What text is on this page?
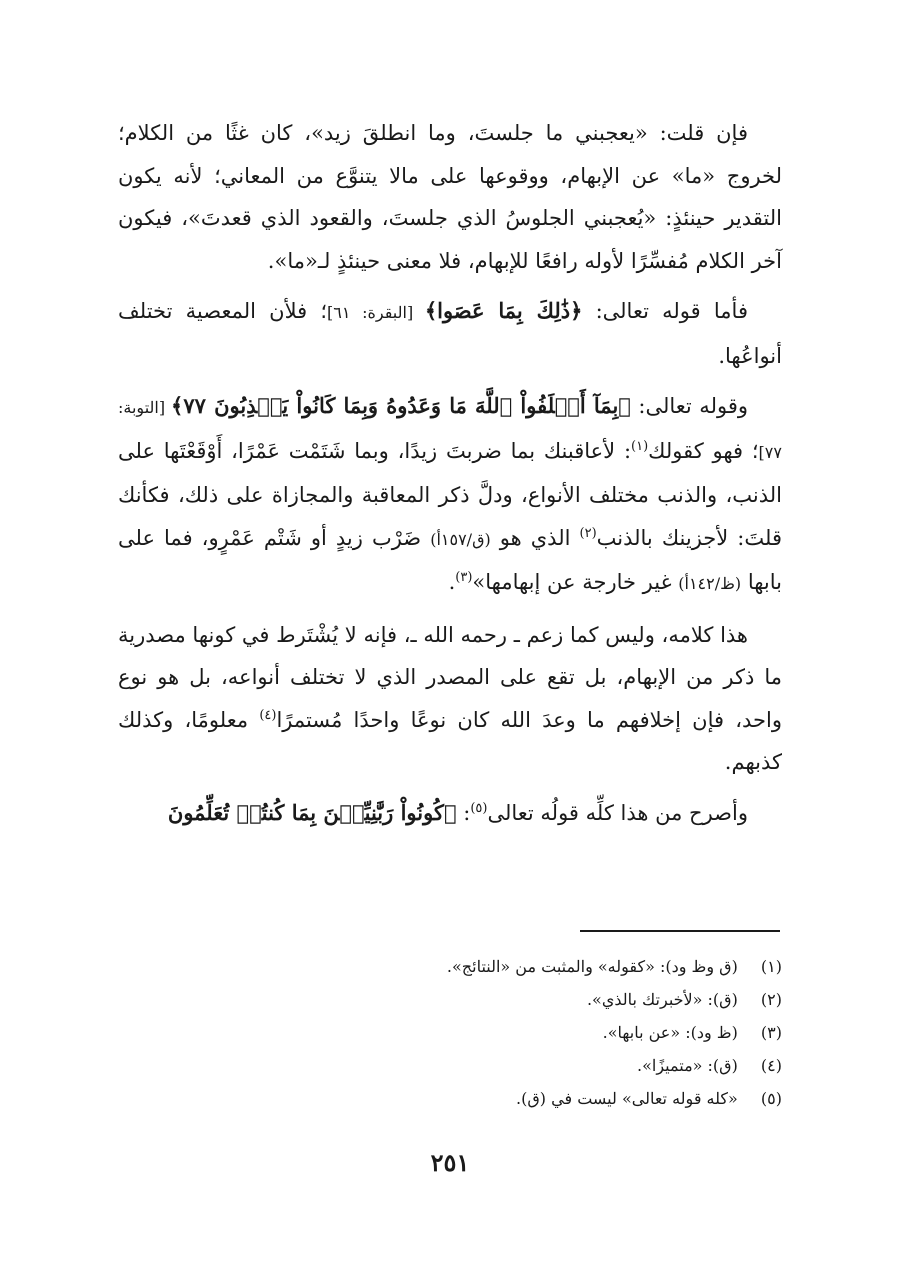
فإن قلت: «يعجبني ما جلستَ، وما انطلقَ زيد»، كان غثًا من الكلام؛ لخروج «ما» عن الإبهام، ووقوعها على مالا يتنوَّع من المعاني؛ لأنه يكون التقدير حينئذٍ: «يُعجبني الجلوسُ الذي جلستَ، والقعود الذي قعدتَ»، فيكون آخر الكلام مُفسِّرًا لأوله رافعًا للإبهام، فلا معنى حينئذٍ لـ«ما».

فأما قوله تعالى: ﴿ذَٰلِكَ بِمَا عَصَوا﴾ [البقرة: ٦١]؛ فلأن المعصية تختلف أنواعُها.

وقوله تعالى: ﴿بِمَآ أَخۡلَفُواْ ٱللَّهَ مَا وَعَدُوهُ وَبِمَا كَانُواْ يَكۡذِبُونَ ٧٧﴾ [التوبة: ٧٧]؛ فهو كقولك$^{(١)}$: لأعاقبنك بما ضربتَ زيدًا، وبما شَتَمْت عَمْرًا، أَوْقَعْتَها على الذنب، والذنب مختلف الأنواع، ودلَّ ذكر المعاقبة والمجازاة على ذلك، فكأنك قلتَ: لأجزينك بالذنب$^{(٢)}$ الذي هو (ق/١٥٧أ) ضَرْب زيدٍ أو شَتْم عَمْرٍو، فما على بابها (ظ/١٤٢أ) غير خارجة عن إبهامها»$^{(٣)}$.

هذا كلامه، وليس كما زعم ـ رحمه الله ـ، فإنه لا يُشْتَرط في كونها مصدرية ما ذكر من الإبهام، بل تقع على المصدر الذي لا تختلف أنواعه، بل هو نوع واحد، فإن إخلافهم ما وعدَ الله كان نوعًا واحدًا مُستمرًا$^{(٤)}$ معلومًا، وكذلك كذبهم.

وأصرح من هذا كلِّه قولُه تعالى$^{(٥)}$: ﴿كُونُواْ رَبَّٰنِيِّـۧنَ بِمَا كُنتُمۡ تُعَلِّمُونَ

(١)  (ق وظ ود): «كقوله» والمثبت من «النتائج».

(٢)  (ق): «لأخبرتك بالذي».

(٣)  (ظ ود): «عن بابها».

(٤)  (ق): «متميزًا».

(٥)  «كله قوله تعالى» ليست في (ق).

٢٥١
